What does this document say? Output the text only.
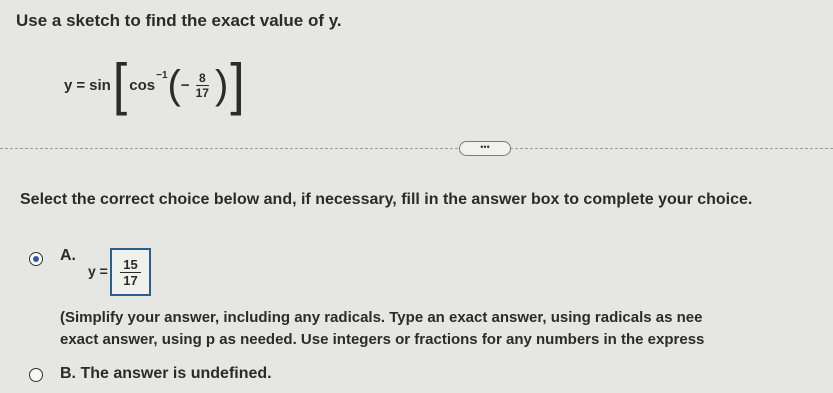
Use a sketch to find the exact value of y.
y = sin [ cos
−1 ( − $\frac{8}{17}$ ) ]
•••
Select the correct choice below and, if necessary, fill in the answer box to complete your choice.
A.
$y = \frac{15}{17}$
(Simplify your answer, including any radicals. Type an exact answer, using radicals as nee
exact answer, using p as needed. Use integers or fractions for any numbers in the express
B. The answer is undefined.
